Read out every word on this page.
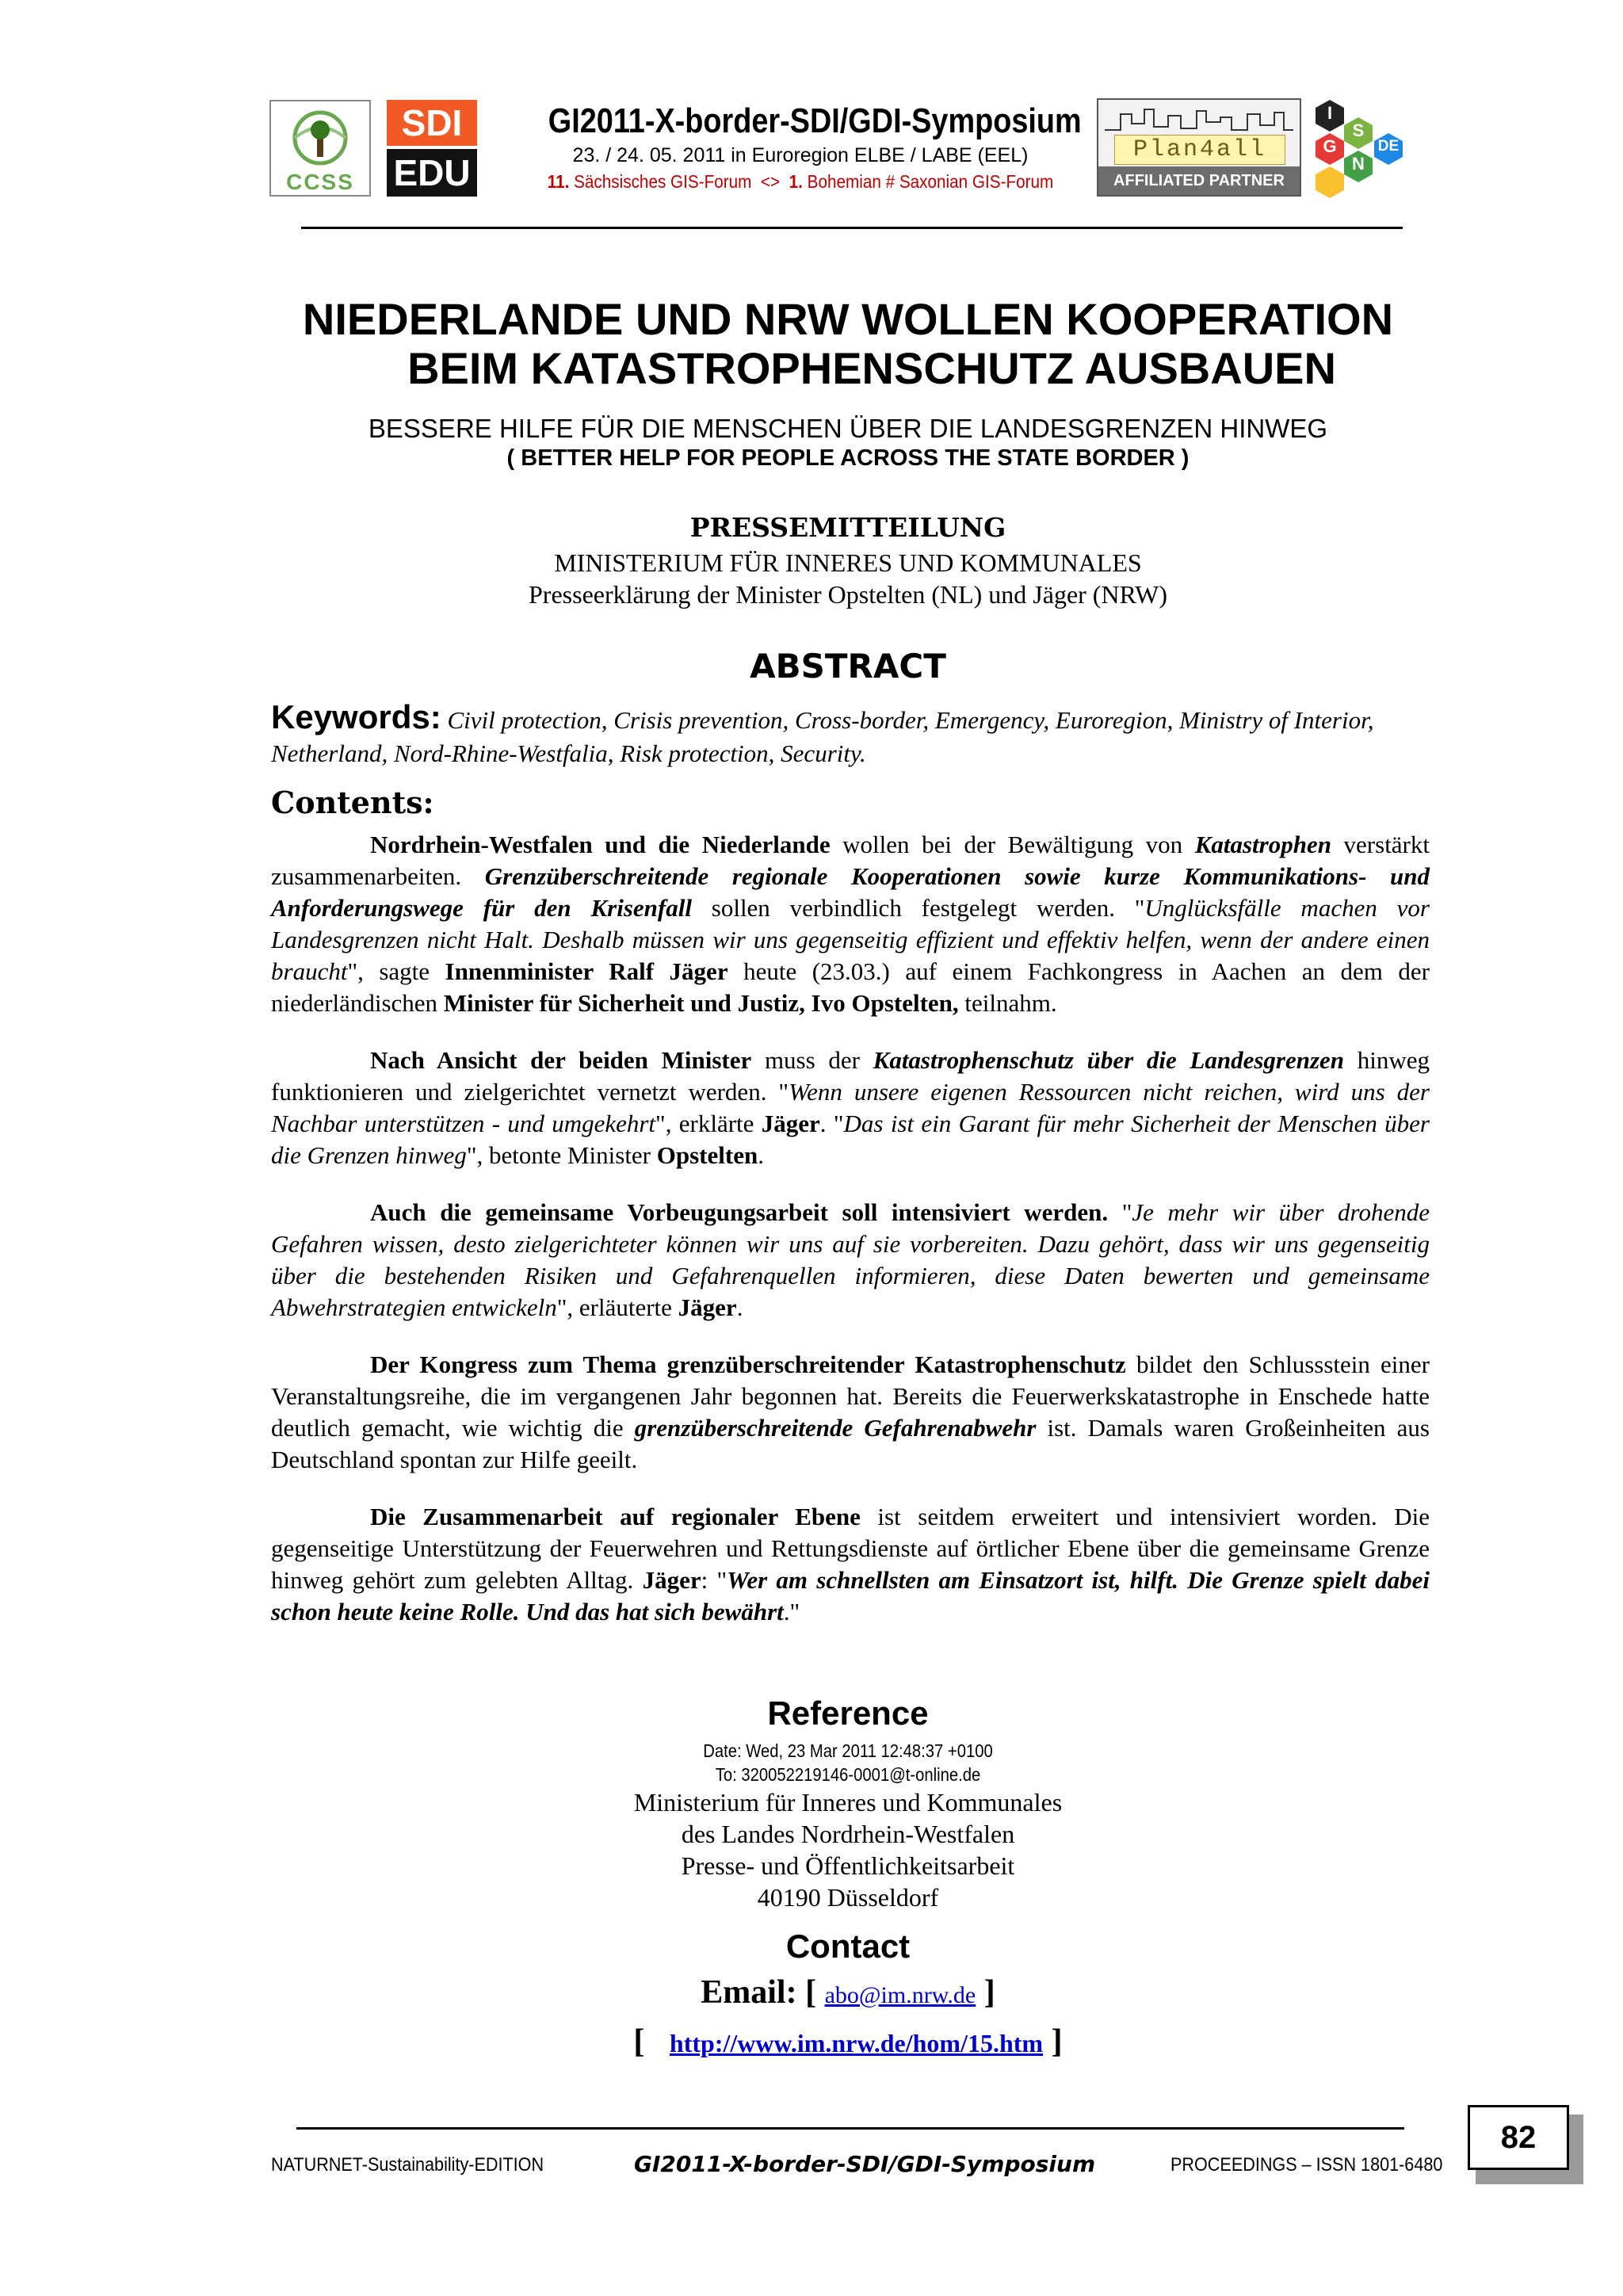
CCSS
SDI
EDU
GI2011-X-border-SDI/GDI-Symposium
23. / 24. 05. 2011 in Euroregion ELBE / LABE (EEL)
11. Sächsisches GIS-Forum <> 1. Bohemian # Saxonian GIS-Forum
Plan4all
AFFILIATED PARTNER
I
G
S
N
DE
NIEDERLANDE UND NRW WOLLEN KOOPERATION
BEIM KATASTROPHENSCHUTZ AUSBAUEN
BESSERE HILFE FÜR DIE MENSCHEN ÜBER DIE LANDESGRENZEN HINWEG
( BETTER HELP FOR PEOPLE ACROSS THE STATE BORDER )
PRESSEMITTEILUNG
MINISTERIUM FÜR INNERES UND KOMMUNALES
Presseerklärung der Minister Opstelten (NL) und Jäger (NRW)
ABSTRACT
Keywords: Civil protection, Crisis prevention, Cross-border, Emergency, Euroregion, Ministry of Interior, Netherland, Nord-Rhine-Westfalia, Risk protection, Security.
Contents:

Nordrhein-Westfalen und die Niederlande wollen bei der Bewältigung von Katastrophen verstärkt zusammenarbeiten. Grenzüberschreitende regionale Kooperationen sowie kurze Kommunikations- und Anforderungswege für den Krisenfall sollen verbindlich festgelegt werden. "Unglücksfälle machen vor Landesgrenzen nicht Halt. Deshalb müssen wir uns gegenseitig effizient und effektiv helfen, wenn der andere einen braucht", sagte Innenminister Ralf Jäger heute (23.03.) auf einem Fachkongress in Aachen an dem der niederländischen Minister für Sicherheit und Justiz, Ivo Opstelten, teilnahm.

Nach Ansicht der beiden Minister muss der Katastrophenschutz über die Landesgrenzen hinweg funktionieren und zielgerichtet vernetzt werden. "Wenn unsere eigenen Ressourcen nicht reichen, wird uns der Nachbar unterstützen - und umgekehrt", erklärte Jäger. "Das ist ein Garant für mehr Sicherheit der Menschen über die Grenzen hinweg", betonte Minister Opstelten.

Auch die gemeinsame Vorbeugungsarbeit soll intensiviert werden. "Je mehr wir über drohende Gefahren wissen, desto zielgerichteter können wir uns auf sie vorbereiten. Dazu gehört, dass wir uns gegenseitig über die bestehenden Risiken und Gefahrenquellen informieren, diese Daten bewerten und gemeinsame Abwehrstrategien entwickeln", erläuterte Jäger.

Der Kongress zum Thema grenzüberschreitender Katastrophenschutz bildet den Schlussstein einer Veranstaltungsreihe, die im vergangenen Jahr begonnen hat. Bereits die Feuerwerkskatastrophe in Enschede hatte deutlich gemacht, wie wichtig die grenzüberschreitende Gefahrenabwehr ist. Damals waren Großeinheiten aus Deutschland spontan zur Hilfe geeilt.

Die Zusammenarbeit auf regionaler Ebene ist seitdem erweitert und intensiviert worden. Die gegenseitige Unterstützung der Feuerwehren und Rettungsdienste auf örtlicher Ebene über die gemeinsame Grenze hinweg gehört zum gelebten Alltag. Jäger: "Wer am schnellsten am Einsatzort ist, hilft. Die Grenze spielt dabei schon heute keine Rolle. Und das hat sich bewährt."

Reference
Date: Wed, 23 Mar 2011 12:48:37 +0100
To: 320052219146-0001@t-online.de
Ministerium für Inneres und Kommunales
des Landes Nordrhein-Westfalen
Presse- und Öffentlichkeitsarbeit
40190 Düsseldorf
Contact
Email: [ abo@im.nrw.de ]
[ http://www.im.nrw.de/hom/15.htm ]
NATURNET-Sustainability-EDITION	GI2011-X-border-SDI/GDI-Symposium	PROCEEDINGS – ISSN 1801-6480
82
